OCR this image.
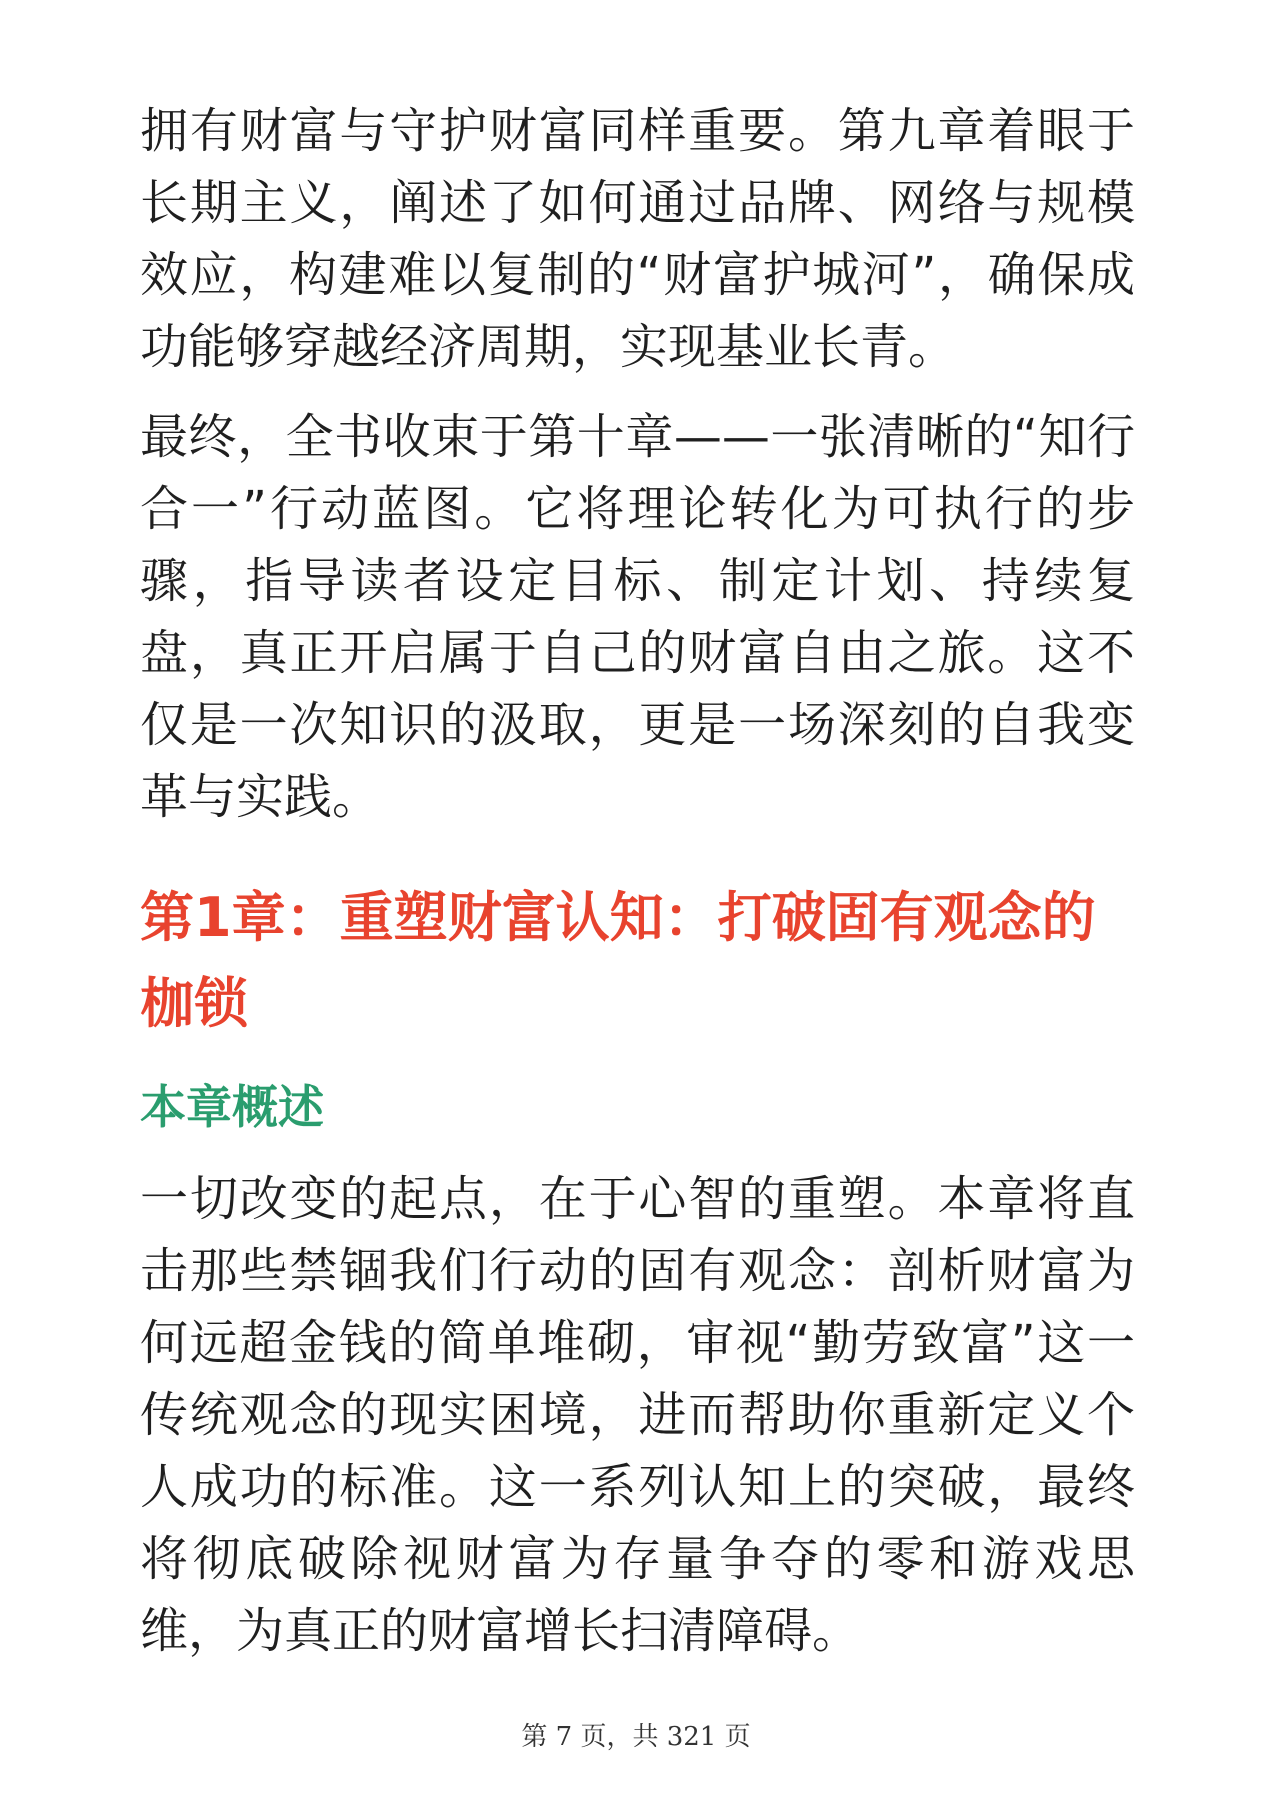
拥有财富与守护财富同样重要。第九章着眼于长期主义，阐述了如何通过品牌、网络与规模效应，构建难以复制的“财富护城河”，确保成功能够穿越经济周期，实现基业长青。

最终，全书收束于第十章——一张清晰的“知行合一”行动蓝图。它将理论转化为可执行的步骤，指导读者设定目标、制定计划、持续复盘，真正开启属于自己的财富自由之旅。这不仅是一次知识的汲取，更是一场深刻的自我变革与实践。

第1章：重塑财富认知：打破固有观念的枷锁
本章概述

一切改变的起点，在于心智的重塑。本章将直击那些禁锢我们行动的固有观念：剖析财富为何远超金钱的简单堆砌，审视“勤劳致富”这一传统观念的现实困境，进而帮助你重新定义个人成功的标准。这一系列认知上的突破，最终将彻底破除视财富为存量争夺的零和游戏思维，为真正的财富增长扫清障碍。

第 7 页，共 321 页
